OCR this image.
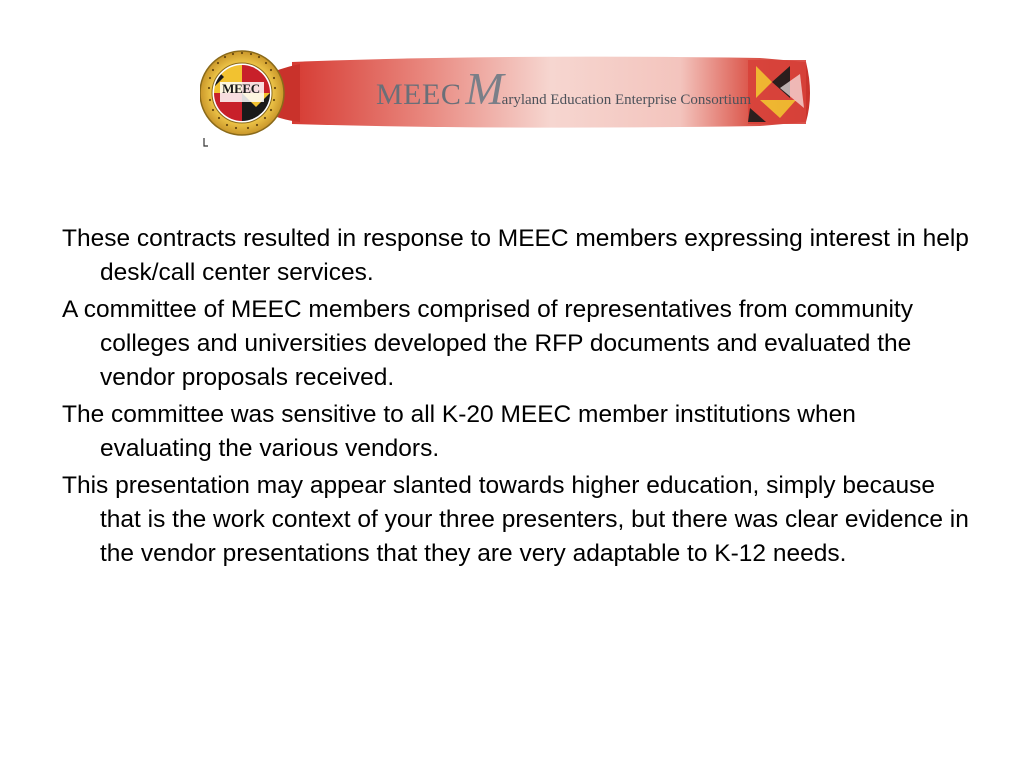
MEEC	MEEC M
aryland Education Enterprise Consortium

These contracts resulted in response to MEEC members expressing interest in help desk/call center services.

A committee of MEEC members comprised of representatives from community colleges and universities developed the RFP documents and evaluated the vendor proposals received.

The committee was sensitive to all K-20 MEEC member institutions when evaluating the various vendors.

This presentation may appear slanted towards higher education, simply because that is the work context of your three presenters, but there was clear evidence in the vendor presentations that they are very adaptable to K-12 needs.
